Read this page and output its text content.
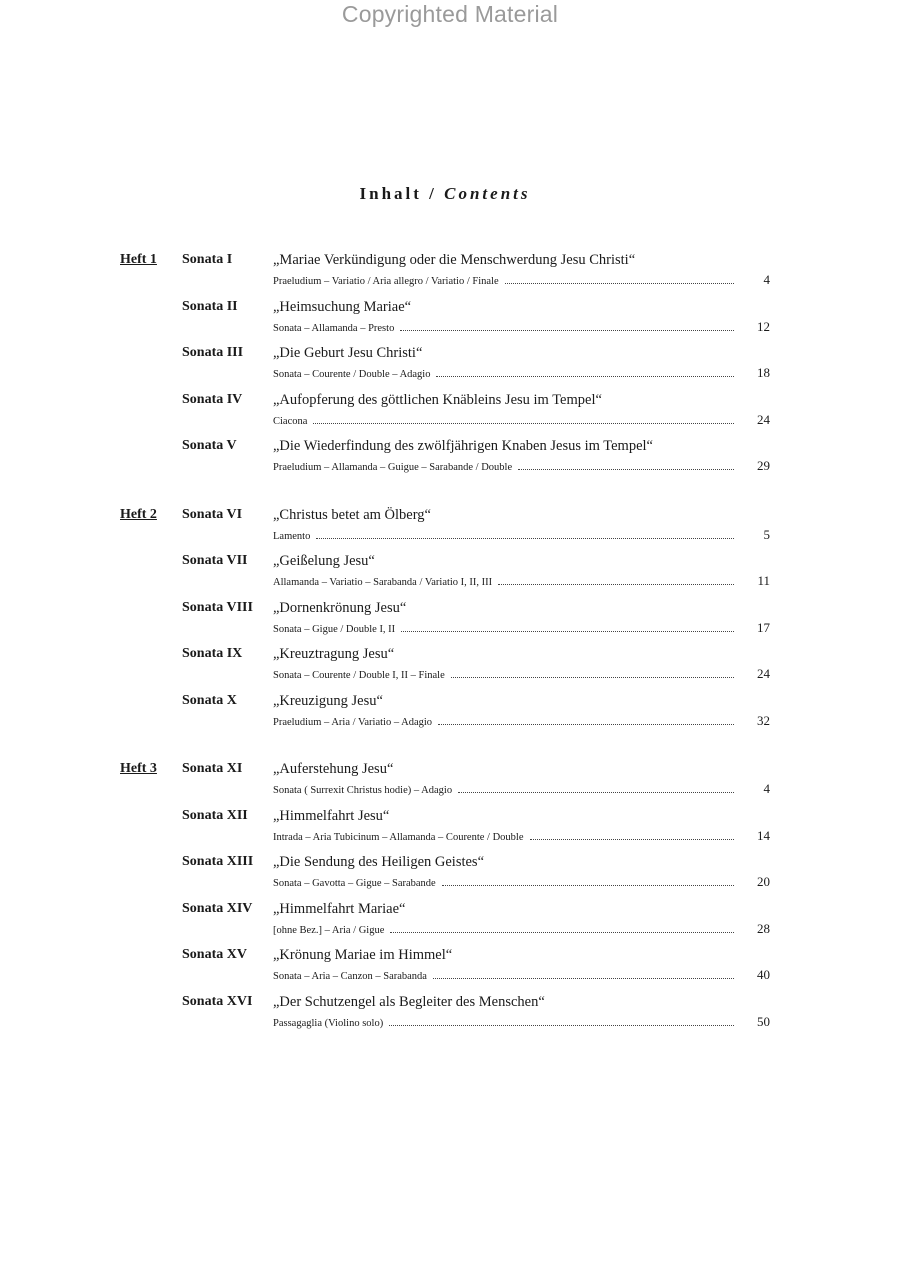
Copyrighted Material
Inhalt / Contents
Heft 1 Sonata I	„Mariae Verkündigung oder die Menschwerdung Jesu Christi“
Praeludium – Variatio / Aria allegro / Variatio / Finale	4
Sonata II „Heimsuchung Mariae“
Sonata – Allamanda – Presto	12
Sonata III „Die Geburt Jesu Christi“
Sonata – Courente / Double – Adagio	18
Sonata IV „Aufopferung des göttlichen Knäbleins Jesu im Tempel“
Ciacona	24
Sonata V	„Die Wiederfindung des zwölfjährigen Knaben Jesus im Tempel“
Praeludium – Allamanda – Guigue – Sarabande / Double	29
Heft 2 Sonata VI „Christus betet am Ölberg“
Lamento	5
Sonata VII „Geißelung Jesu“
Allamanda – Variatio – Sarabanda / Variatio I, II, III	11
Sonata VIII „Dornenkrönung Jesu“
Sonata – Gigue / Double I, II	17
Sonata IX „Kreuztragung Jesu“
Sonata – Courente / Double I, II – Finale	24
Sonata X „Kreuzigung Jesu“
Praeludium – Aria / Variatio – Adagio	32
Heft 3 Sonata XI „Auferstehung Jesu“
Sonata ( Surrexit Christus hodie) – Adagio	4
Sonata XII „Himmelfahrt Jesu“
Intrada – Aria Tubicinum – Allamanda – Courente / Double	14
Sonata XIII „Die Sendung des Heiligen Geistes“
Sonata – Gavotta – Gigue – Sarabande	20
Sonata XIV „Himmelfahrt Mariae“
[ohne Bez.] – Aria / Gigue	28
Sonata XV „Krönung Mariae im Himmel“
Sonata – Aria – Canzon – Sarabanda	40
Sonata XVI „Der Schutzengel als Begleiter des Menschen“
Passagaglia (Violino solo)	50
